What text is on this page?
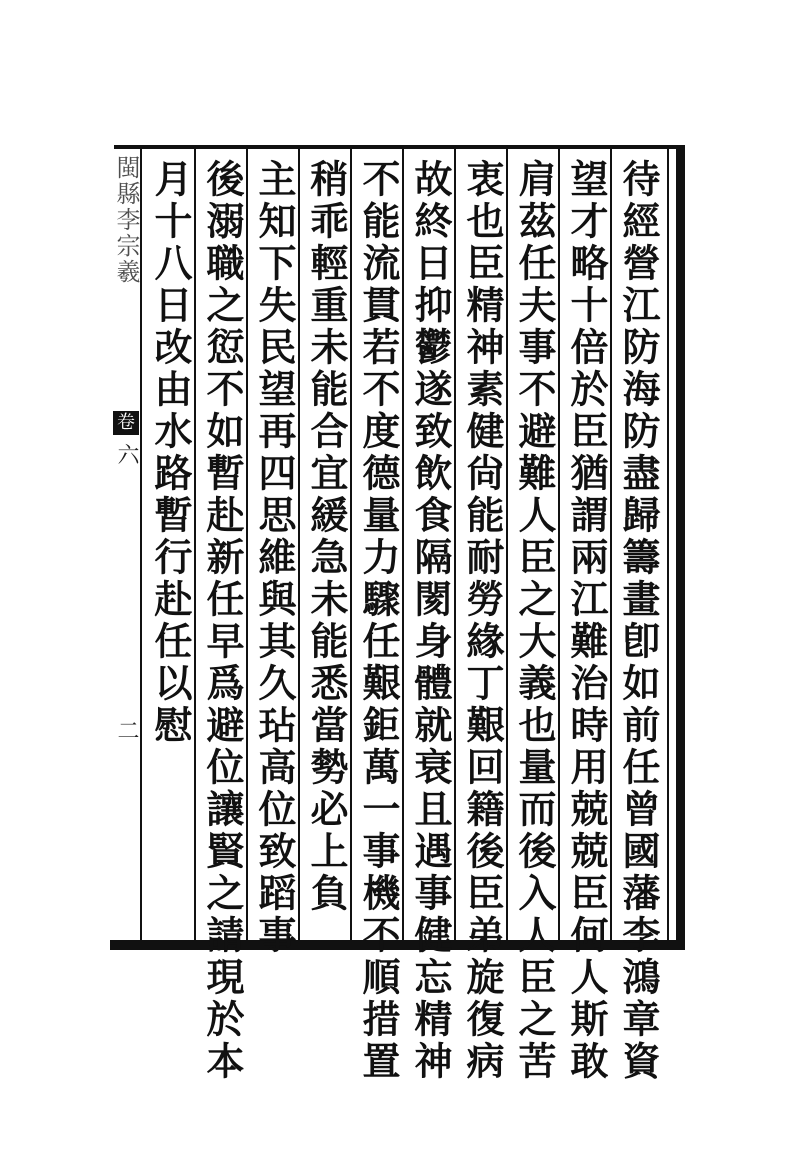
閩縣李宗羲
卷
六
二	待經營江防海防盡歸籌畫卽如前任曾國藩李鴻章資
望才略十倍於臣猶謂兩江難治時用兢兢臣何人斯敢
肩茲任夫事不避難人臣之大義也量而後入人臣之苦
衷也臣精神素健尙能耐勞緣丁艱回籍後臣弟旋復病
故終日抑鬱遂致飲食隔閡身體就衰且遇事健忘精神
不能流貫若不度德量力驟任艱鉅萬一事機不順措置
稍乖輕重未能合宜緩急未能悉當勢必上負
主知下失民望再四思維與其久玷高位致蹈事
後溺職之愆不如暫赴新任早爲避位讓賢之請現於本
月十八日改由水路暫行赴任以慰
